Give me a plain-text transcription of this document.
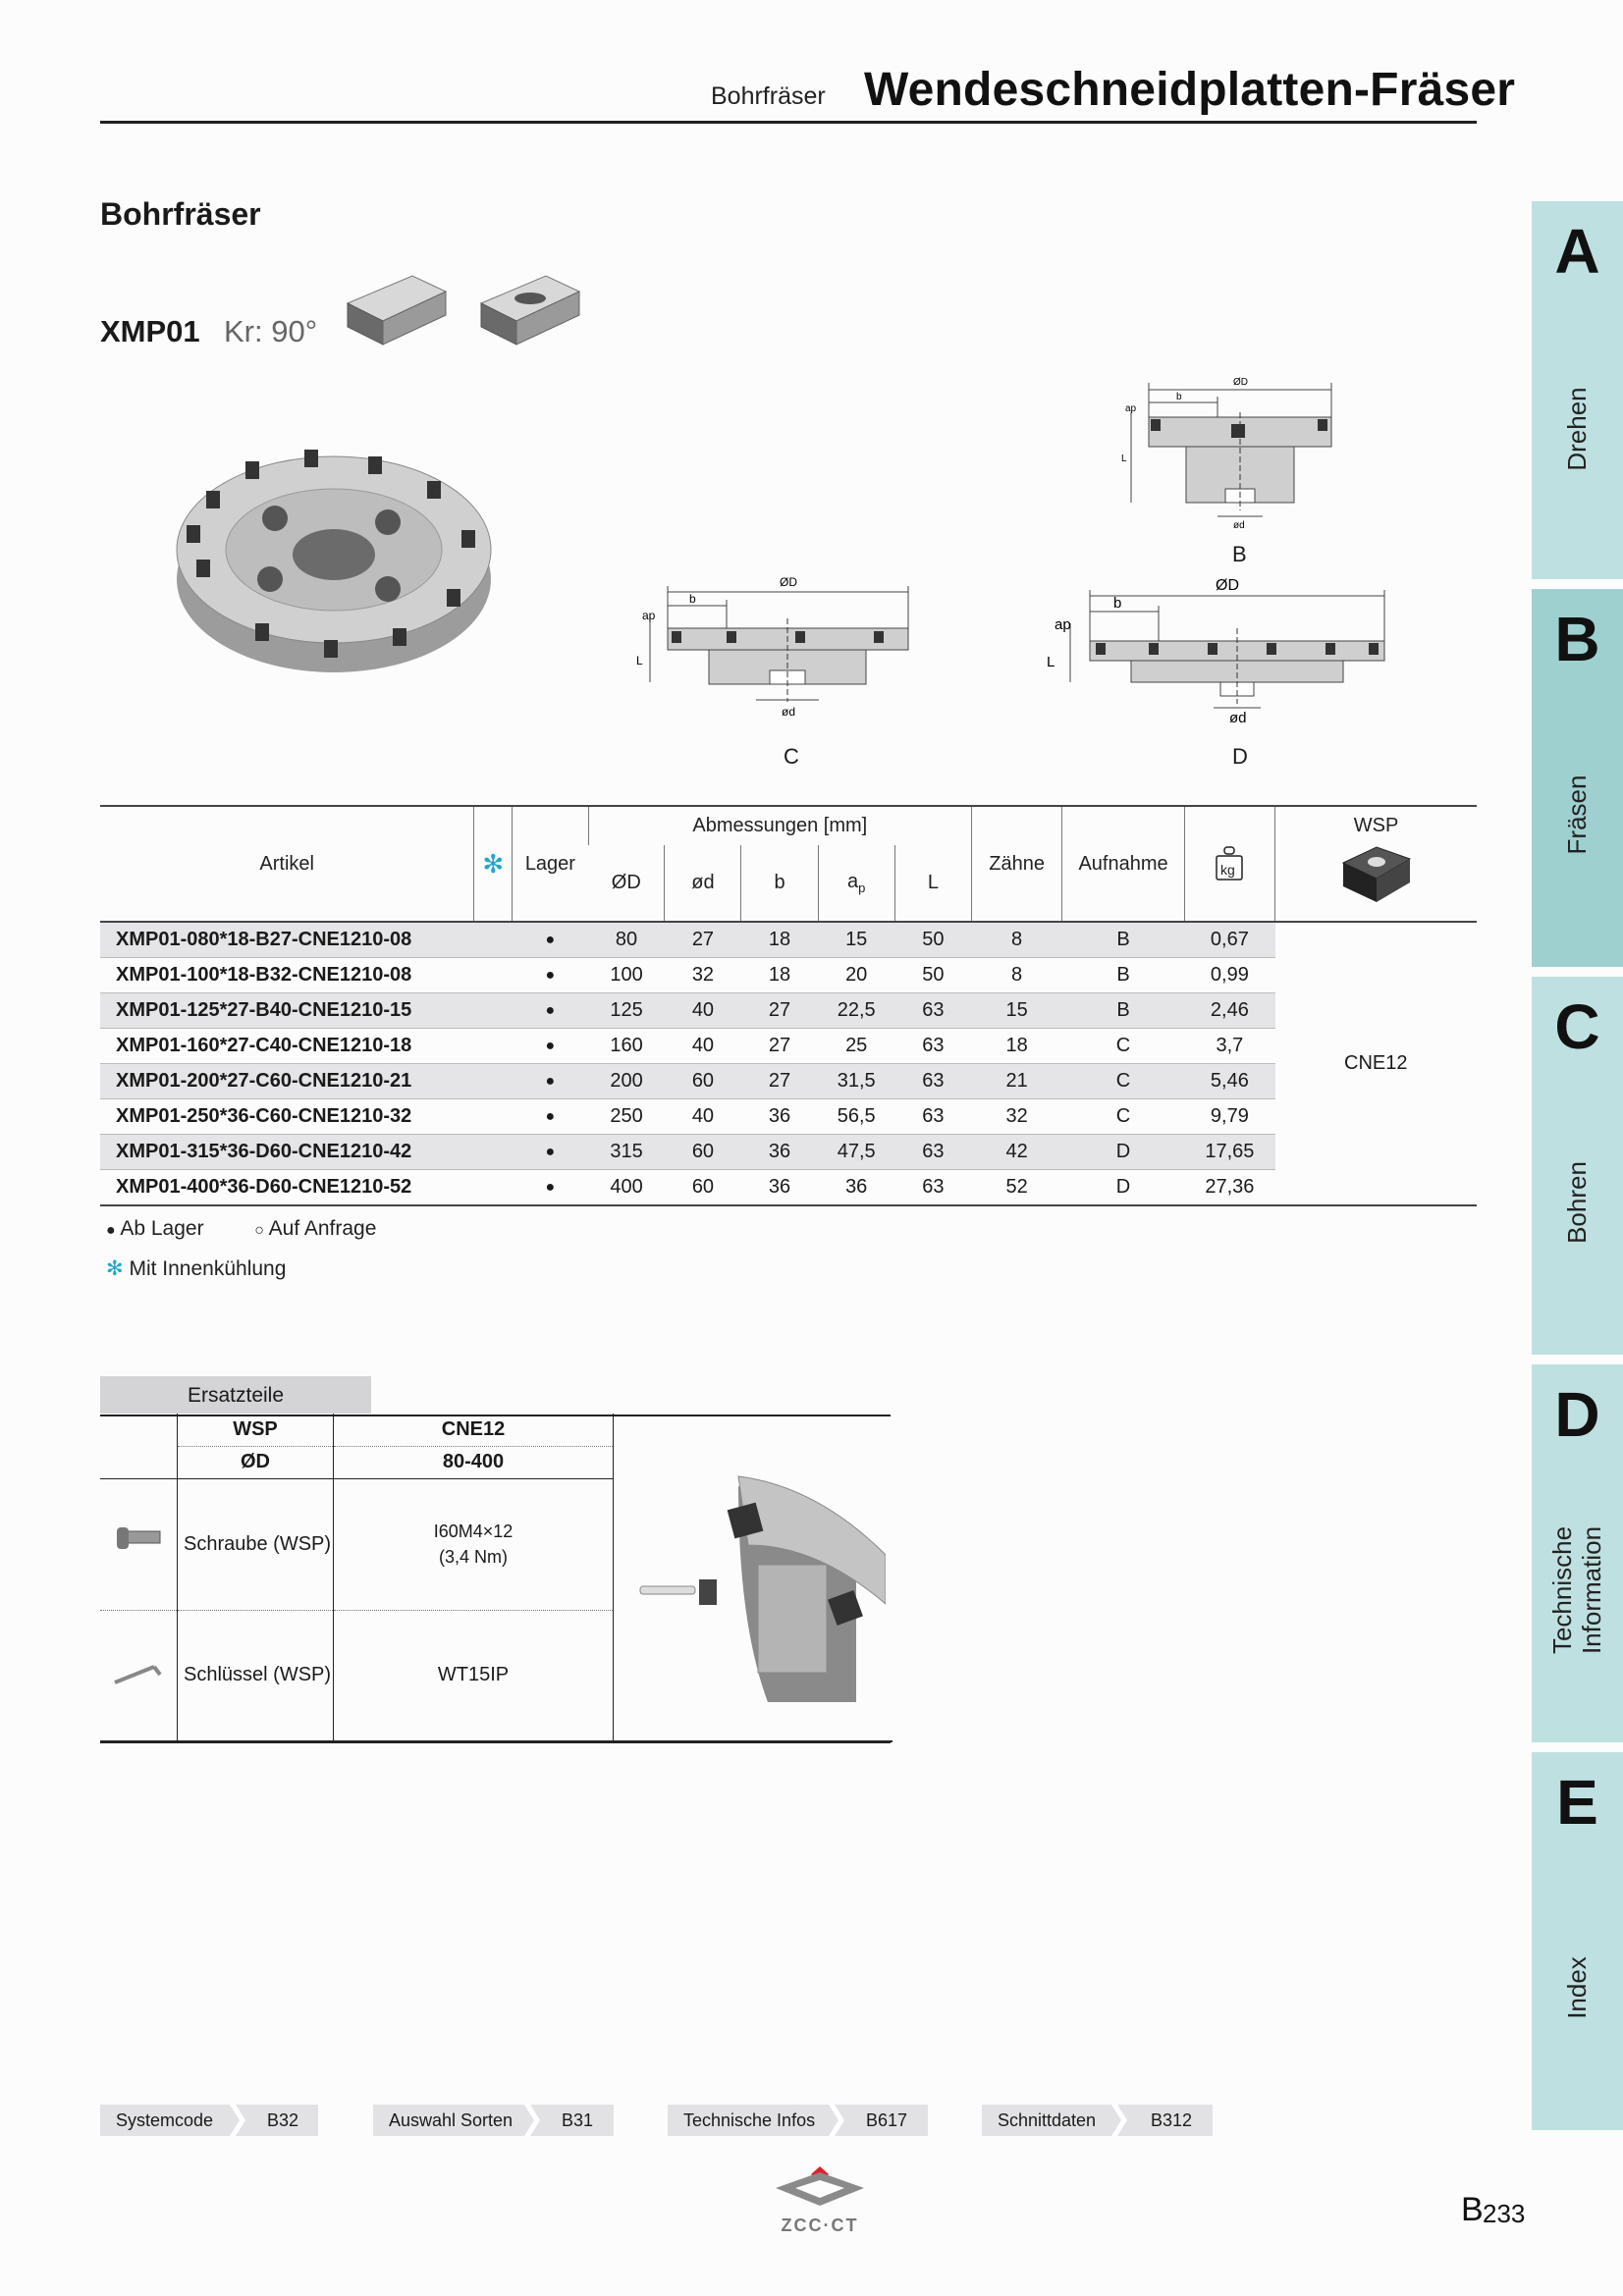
Bohrfräser Wendeschneidplatten-Fräser
Bohrfräser
XMP01 Kr: 90°
ØD
b
ap
L
ød
B
ØD
b
ap
L
ød
C
ØD
b
ap
L
ød
D
A
Drehen
B
Fräsen
C
Bohren
D
Technische
Information
E
Index
Artikel	✻	Lager	Abmessungen [mm]					Zähne	Aufnahme	kg	WSP

			ØD	ød	b	$a_p$	L				
XMP01-080*18-B27-CNE1210-08		●	80	27	18	15	50	8	B	0,67	CNE12
XMP01-100*18-B32-CNE1210-08		●	100	32	18	20	50	8	B	0,99	
XMP01-125*27-B40-CNE1210-15		●	125	40	27	22,5	63	15	B	2,46	
XMP01-160*27-C40-CNE1210-18		●	160	40	27	25	63	18	C	3,7	
XMP01-200*27-C60-CNE1210-21		●	200	60	27	31,5	63	21	C	5,46	
XMP01-250*36-C60-CNE1210-32		●	250	40	36	56,5	63	32	C	9,79	
XMP01-315*36-D60-CNE1210-42		●	315	60	36	47,5	63	42	D	17,65	
XMP01-400*36-D60-CNE1210-52		●	400	60	36	36	63	52	D	27,36	
● Ab Lager	○ Auf Anfrage
✻ Mit Innenkühlung
Ersatzteile
	WSP	CNE12	
	ØD	80-400	
	Schraube (WSP)	I60M4×12
(3,4 Nm)	

	Schlüssel (WSP)	WT15IP	
Systemcode	B32	Auswahl Sorten	B31	Technische Infos	B617	Schnittdaten	B312
ZCC·CT	B 233
